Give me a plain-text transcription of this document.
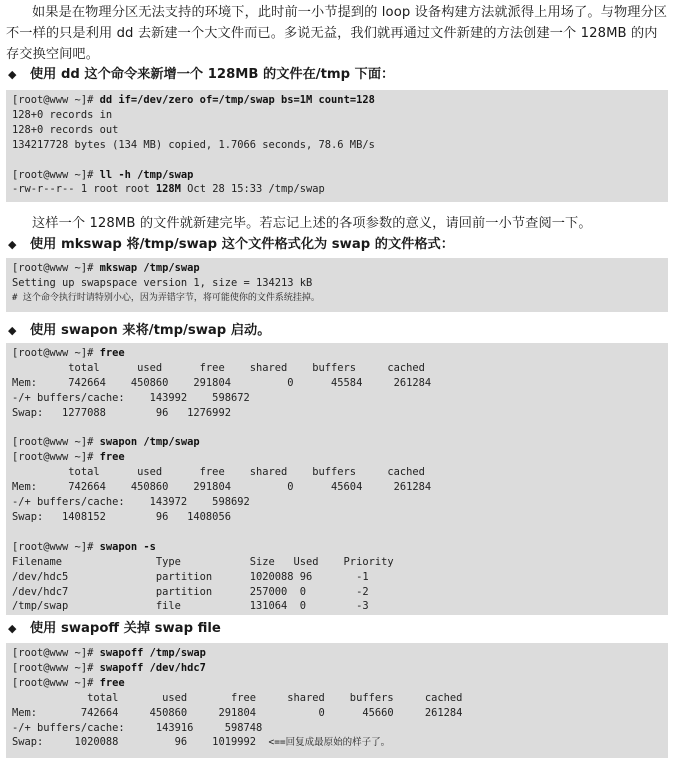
如果是在物理分区无法支持的环境下，此时前一小节提到的 loop 设备构建方法就派得上用场了。与物理分区不一样的只是利用 dd 去新建一个大文件而已。多说无益，我们就再通过文件新建的方法创建一个 128MB 的内存交换空间吧。
◆ 使用 dd 这个命令来新增一个 128MB 的文件在/tmp 下面：
[root@www ~]# dd if=/dev/zero of=/tmp/swap bs=1M count=128
128+0 records in
128+0 records out
134217728 bytes (134 MB) copied, 1.7066 seconds, 78.6 MB/s

[root@www ~]# ll -h /tmp/swap
-rw-r--r-- 1 root root 128M Oct 28 15:33 /tmp/swap
这样一个 128MB 的文件就新建完毕。若忘记上述的各项参数的意义，请回前一小节查阅一下。
◆ 使用 mkswap 将/tmp/swap 这个文件格式化为 swap 的文件格式：
[root@www ~]# mkswap /tmp/swap
Setting up swapspace version 1, size = 134213 kB
# 这个命令执行时请特别小心，因为弄错字节，将可能使你的文件系统挂掉。
◆ 使用 swapon 来将/tmp/swap 启动。
[root@www ~]# free
total      used      free    shared    buffers     cached
Mem:     742664    450860    291804         0      45584     261284
-/+ buffers/cache:    143992    598672
Swap:   1277088        96   1276992

[root@www ~]# swapon /tmp/swap
[root@www ~]# free
total      used      free    shared    buffers     cached
Mem:     742664    450860    291804         0      45604     261284
-/+ buffers/cache:    143972    598692
Swap:   1408152        96   1408056

[root@www ~]# swapon -s
Filename               Type           Size   Used    Priority
/dev/hdc5              partition      1020088 96       -1
/dev/hdc7              partition      257000  0        -2
/tmp/swap              file           131064  0        -3
◆ 使用 swapoff 关掉 swap file
[root@www ~]# swapoff /tmp/swap
[root@www ~]# swapoff /dev/hdc7
[root@www ~]# free
total       used       free     shared    buffers     cached
Mem:       742664     450860     291804          0      45660     261284
-/+ buffers/cache:     143916     598748
Swap:     1020088         96    1019992  <==回复成最原始的样子了。
